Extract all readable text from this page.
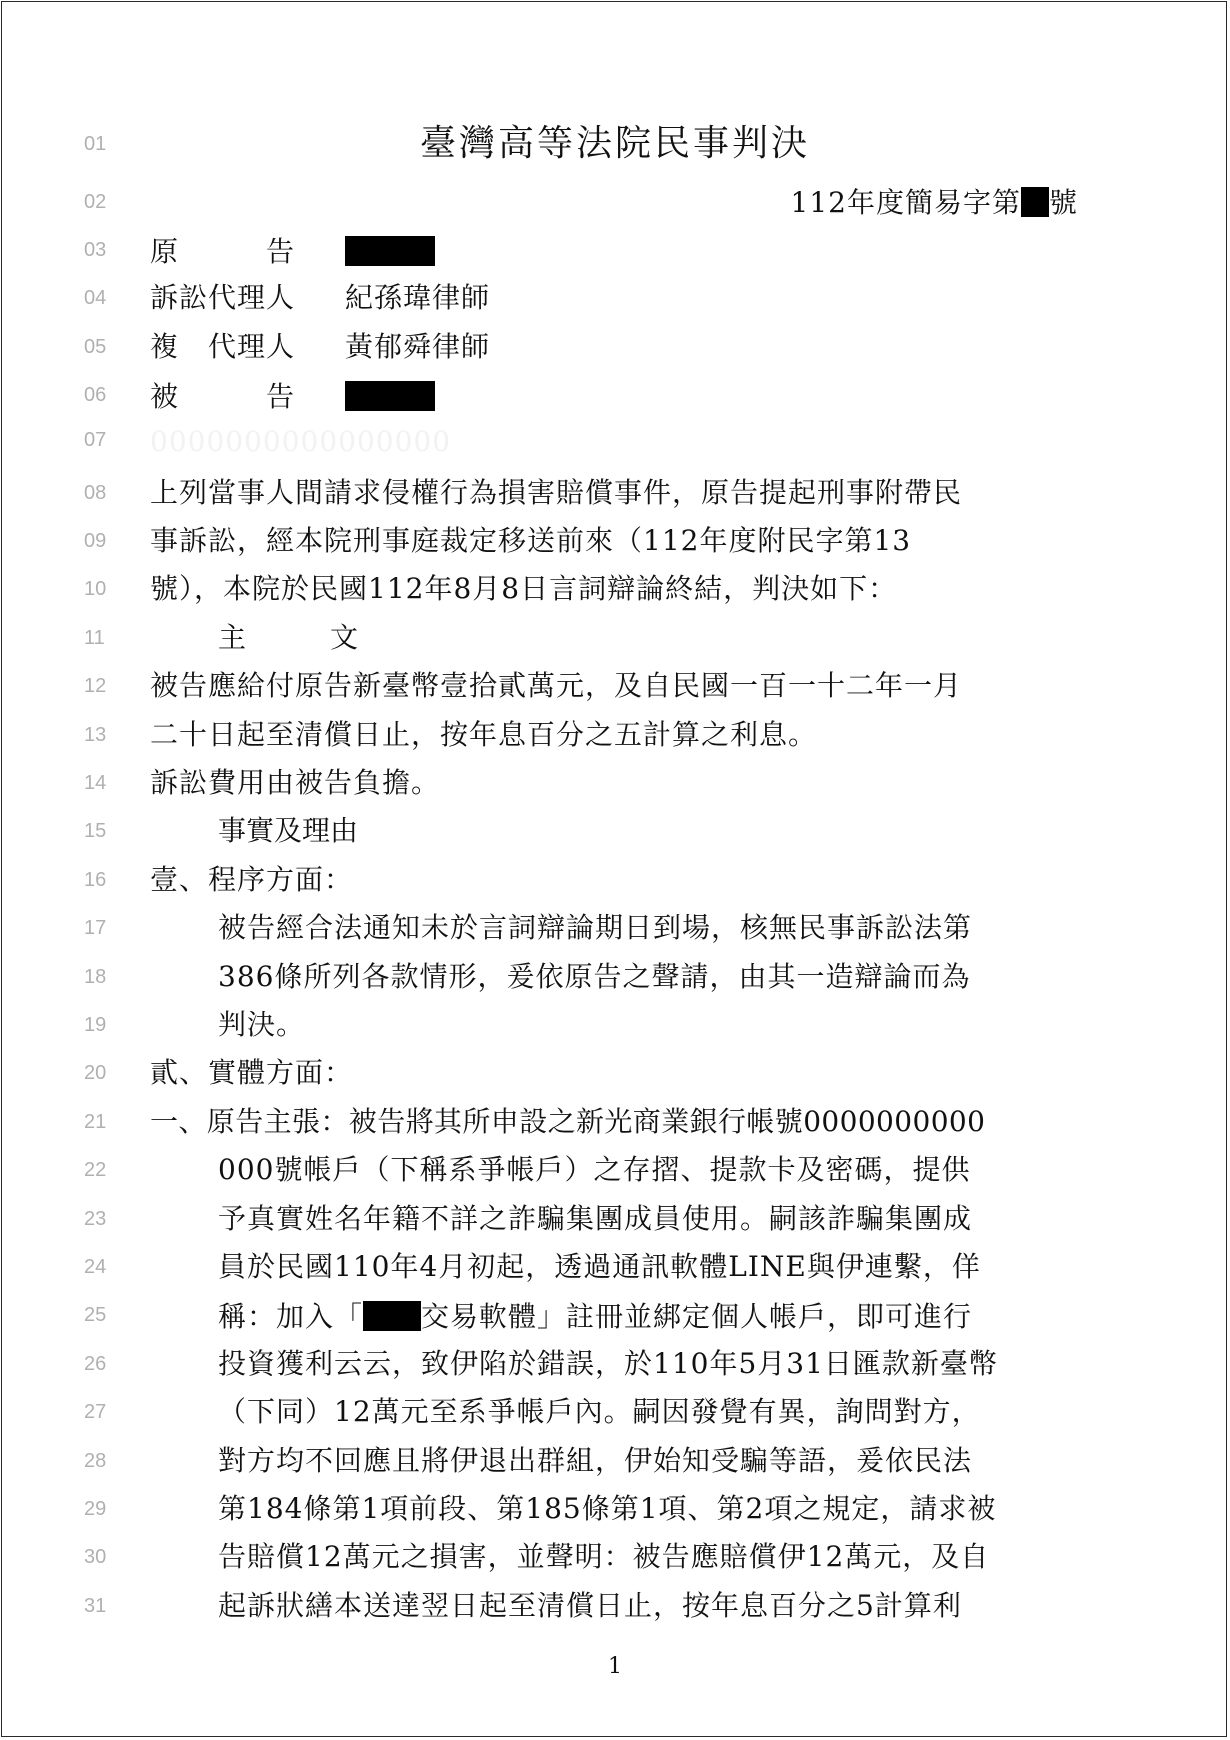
01
02
03
04
05
06
07
08
09
10
11
12
13
14
15
16
17
18
19
20
21
22
23
24
25
26
27
28
29
30
31
臺灣高等法院民事判決
112年度簡易字第 號
原　　　告
訴訟代理人 紀孫瑋律師
複　代理人 黃郁舜律師
被　　　告
0000000000000000
上列當事人間請求侵權行為損害賠償事件，原告提起刑事附帶民
事訴訟，經本院刑事庭裁定移送前來（112年度附民字第13
號），本院於民國112年8月8日言詞辯論終結，判決如下：
主　　　文
被告應給付原告新臺幣壹拾貳萬元，及自民國一百一十二年一月
二十日起至清償日止，按年息百分之五計算之利息。
訴訟費用由被告負擔。
事實及理由
壹、程序方面：
被告經合法通知未於言詞辯論期日到場，核無民事訴訟法第
386條所列各款情形，爰依原告之聲請，由其一造辯論而為
判決。
貳、實體方面：
一、原告主張：被告將其所申設之新光商業銀行帳號0000000000
000號帳戶（下稱系爭帳戶）之存摺、提款卡及密碼，提供
予真實姓名年籍不詳之詐騙集團成員使用。嗣該詐騙集團成
員於民國110年4月初起，透過通訊軟體LINE與伊連繫，佯
稱：加入「 交易軟體」註冊並綁定個人帳戶，即可進行
投資獲利云云，致伊陷於錯誤，於110年5月31日匯款新臺幣
（下同）12萬元至系爭帳戶內。嗣因發覺有異，詢問對方，
對方均不回應且將伊退出群組，伊始知受騙等語，爰依民法
第184條第1項前段、第185條第1項、第2項之規定，請求被
告賠償12萬元之損害，並聲明：被告應賠償伊12萬元，及自
起訴狀繕本送達翌日起至清償日止，按年息百分之5計算利
1
